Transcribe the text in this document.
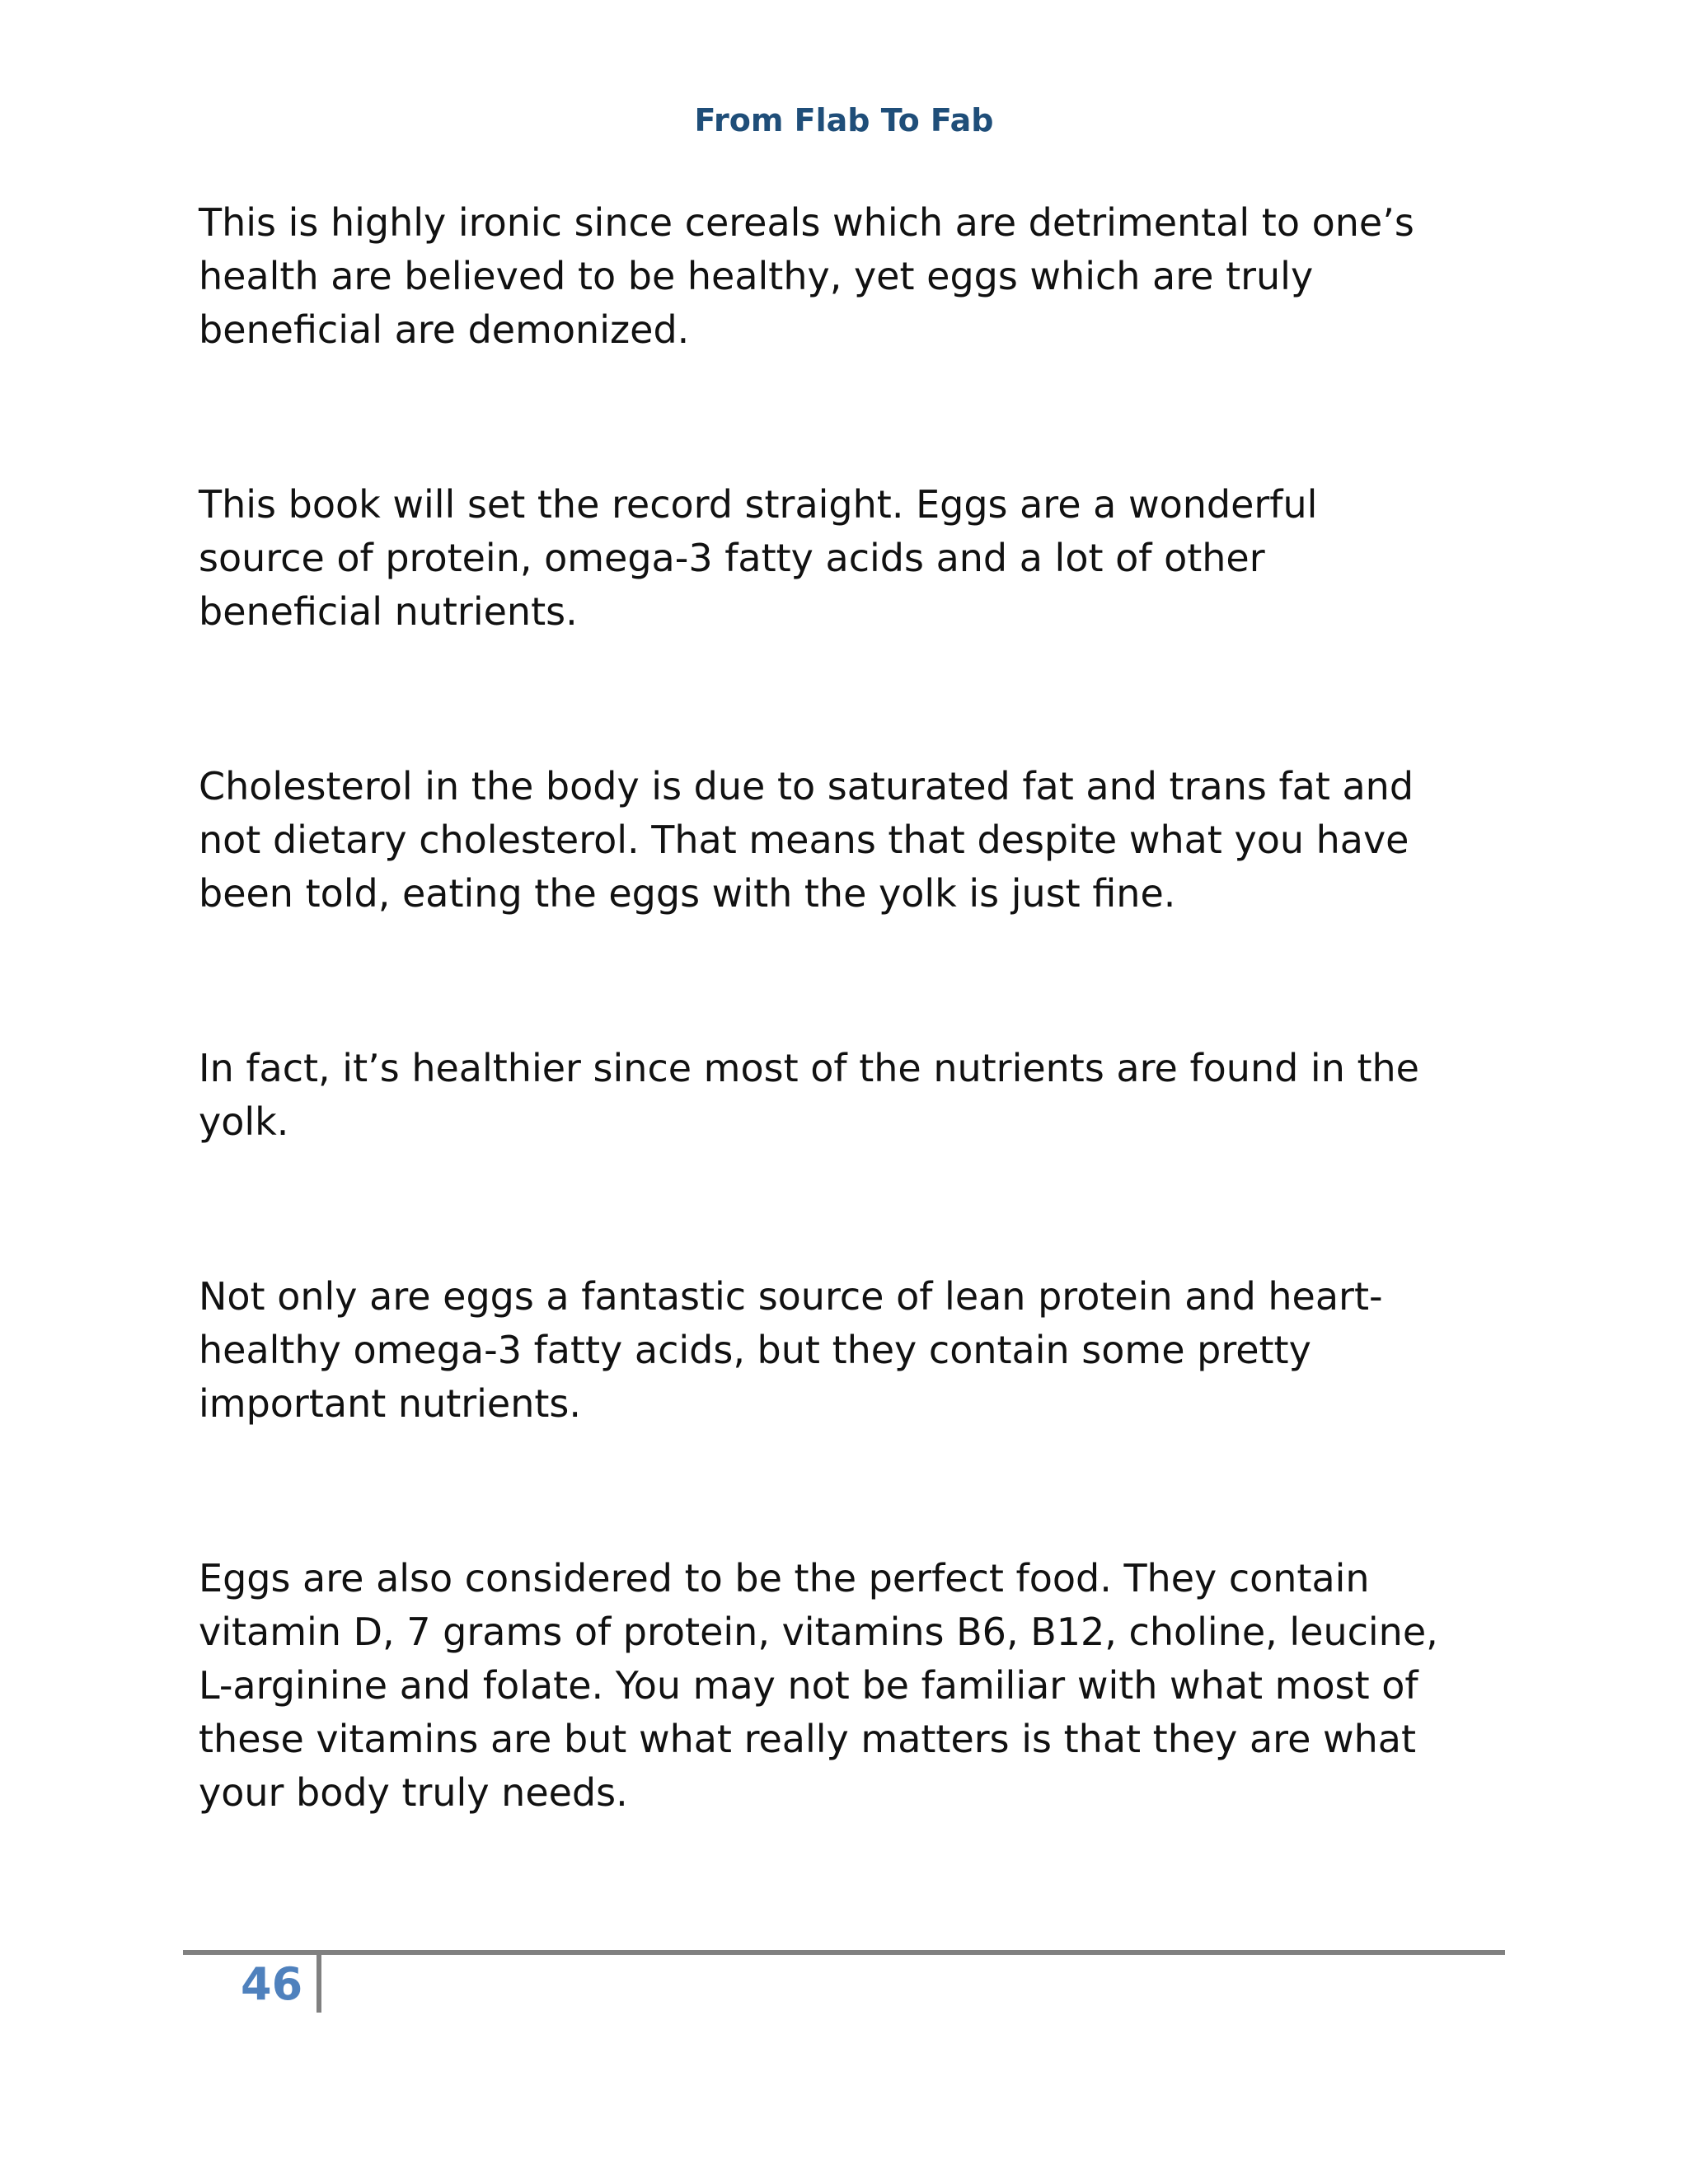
From Flab To Fab

This is highly ironic since cereals which are detrimental to one’s
health are believed to be healthy, yet eggs which are truly
beneficial are demonized.

This book will set the record straight. Eggs are a wonderful
source of protein, omega-3 fatty acids and a lot of other
beneficial nutrients.

Cholesterol in the body is due to saturated fat and trans fat and
not dietary cholesterol. That means that despite what you have
been told, eating the eggs with the yolk is just fine.

In fact, it’s healthier since most of the nutrients are found in the
yolk.

Not only are eggs a fantastic source of lean protein and heart-
healthy omega-3 fatty acids, but they contain some pretty
important nutrients.

Eggs are also considered to be the perfect food. They contain
vitamin D, 7 grams of protein, vitamins B6, B12, choline, leucine,
L-arginine and folate. You may not be familiar with what most of
these vitamins are but what really matters is that they are what
your body truly needs.

46
